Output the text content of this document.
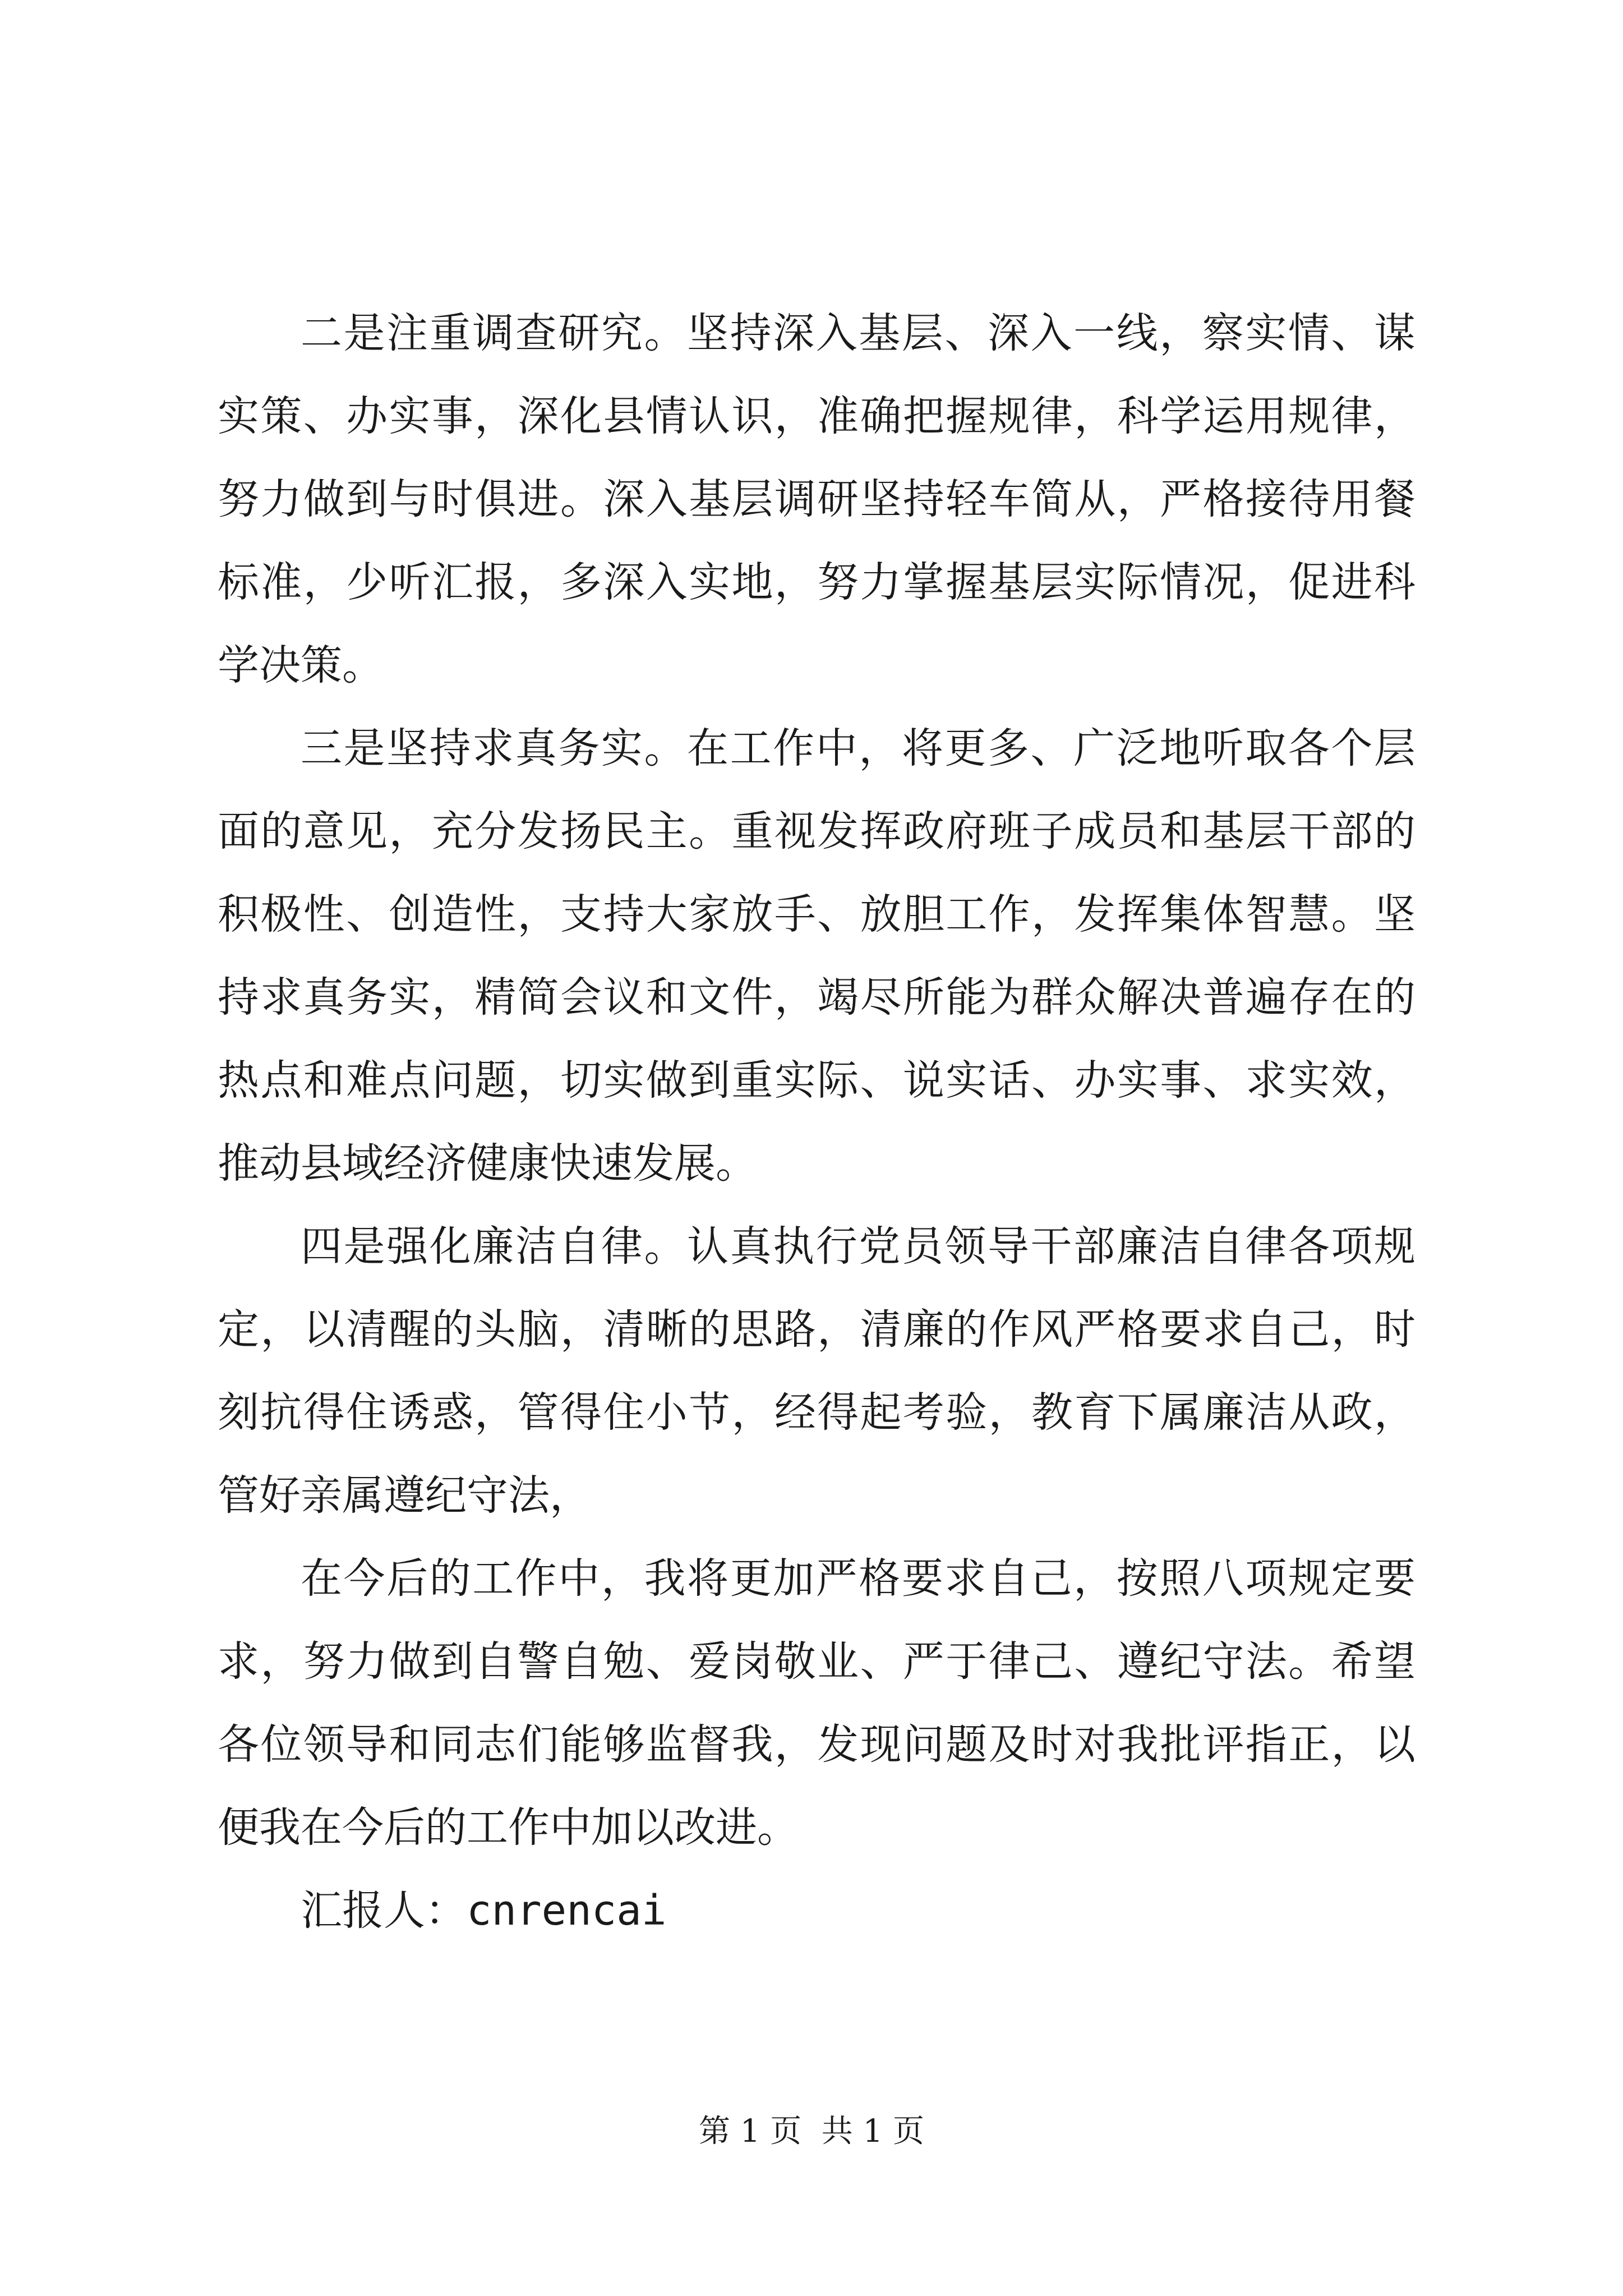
二是注重调查研究。坚持深入基层、深入一线，察实情、谋实策、办实事，深化县情认识，准确把握规律，科学运用规律，努力做到与时俱进。深入基层调研坚持轻车简从，严格接待用餐标准，少听汇报，多深入实地，努力掌握基层实际情况，促进科学决策。

三是坚持求真务实。在工作中，将更多、广泛地听取各个层面的意见，充分发扬民主。重视发挥政府班子成员和基层干部的积极性、创造性，支持大家放手、放胆工作，发挥集体智慧。坚持求真务实，精简会议和文件，竭尽所能为群众解决普遍存在的热点和难点问题，切实做到重实际、说实话、办实事、求实效，推动县域经济健康快速发展。

四是强化廉洁自律。认真执行党员领导干部廉洁自律各项规定，以清醒的头脑，清晰的思路，清廉的作风严格要求自己，时刻抗得住诱惑，管得住小节，经得起考验，教育下属廉洁从政，管好亲属遵纪守法，

在今后的工作中，我将更加严格要求自己，按照八项规定要求，努力做到自警自勉、爱岗敬业、严于律己、遵纪守法。希望各位领导和同志们能够监督我，发现问题及时对我批评指正，以便我在今后的工作中加以改进。

汇报人：cnrencai

第 1 页  共 1 页
